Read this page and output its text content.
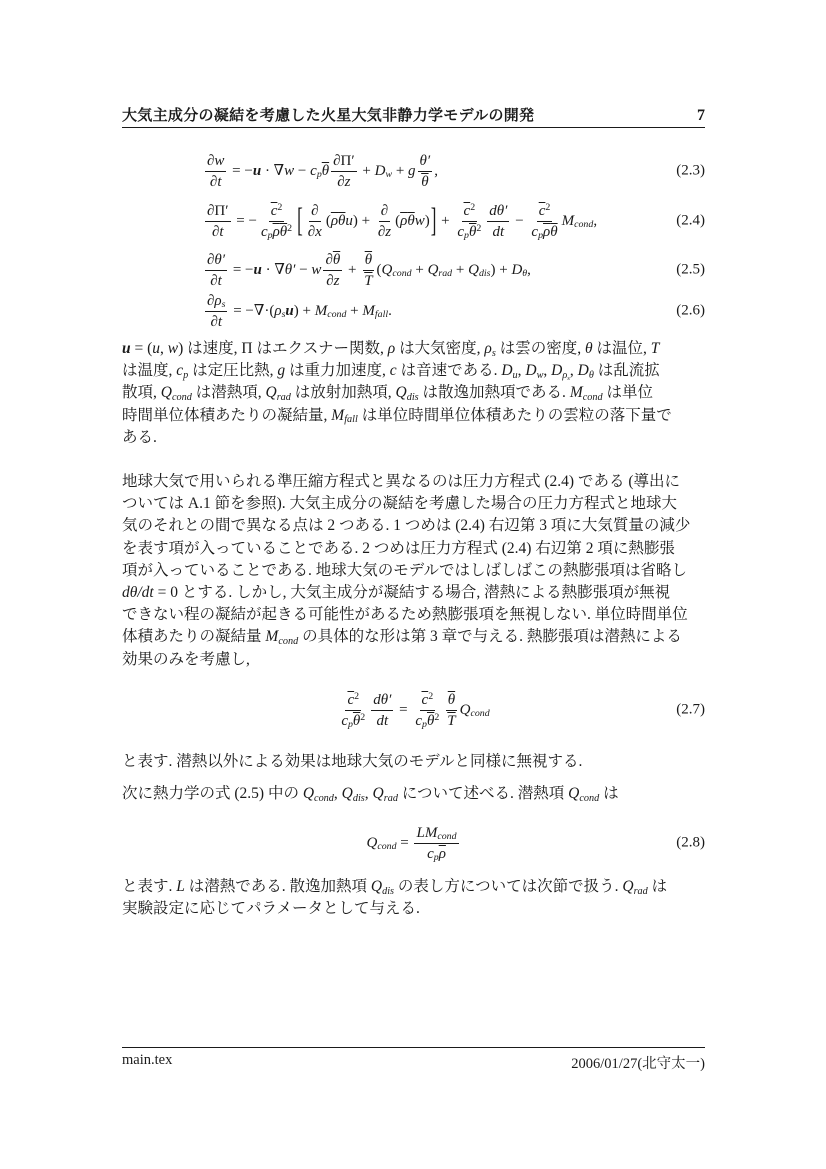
大気主成分の凝結を考慮した火星大気非静力学モデルの開発	7
$\frac{\partial w}{\partial t} = -u \cdot \nabla w - cp\overline{\theta} \frac{\partial\Pi'}{\partial z} + Dw + g \frac{\theta'}{\theta}$ ,	(2.3)
$\frac{\partial\Pi'}{\partial t}$ = − $\frac{\overline{c}^2}{cp\overline{\rho}\overline{\theta}^2}$ [ $\frac{\partial}{\partial x} (\overline{\rho}\overline{\theta}u) + \frac{\partial}{\partial z} (\overline{\rho}\overline{\theta}w)] + \frac{\overline{c}^2}{cp\overline{\theta}^2} \frac{d\theta'}{dt} - \frac{\overline{c}^2}{cp\overline{\rho}\overline{\theta}}$ Mcond,	(2.4)
$\frac{\partial\theta'}{\partial t} = -u \cdot \nabla\theta' - w \frac{\partial\overline{\theta}}{\partial z} + \frac{\overline{\theta}}{T}$ (Qcond + Qrad + Qdis) + Dθ,	(2.5)
$\frac{\partial\rho s}{\partial t} = -\nabla\cdot(\rho su)$ + Mcond + Mfall.	(2.6)
u = (u, w) は速度, Π はエクスナー関数, ρ は大気密度, ρs は雲の密度, θ は温位, T
は温度, cp は定圧比熱, g は重力加速度, c は音速である. Du, Dw, Dρs, Dθ は乱流拡
散項, Qcond は潜熱項, Qrad は放射加熱項, Qdis は散逸加熱項である. Mcond は単位
時間単位体積あたりの凝結量, Mfall は単位時間単位体積あたりの雲粒の落下量で
ある.
地球大気で用いられる準圧縮方程式と異なるのは圧力方程式 (2.4) である (導出に
ついては A.1 節を参照). 大気主成分の凝結を考慮した場合の圧力方程式と地球大
気のそれとの間で異なる点は 2 つある. 1 つめは (2.4) 右辺第 3 項に大気質量の減少
を表す項が入っていることである. 2 つめは圧力方程式 (2.4) 右辺第 2 項に熱膨張
項が入っていることである. 地球大気のモデルではしばしばこの熱膨張項は省略し
dθ/dt = 0 とする. しかし, 大気主成分が凝結する場合, 潜熱による熱膨張項が無視
できない程の凝結が起きる可能性があるため熱膨張項を無視しない. 単位時間単位
体積あたりの凝結量 Mcond の具体的な形は第 3 章で与える. 熱膨張項は潜熱による
効果のみを考慮し,
$\frac{\overline{c}^2}{cp\overline{\theta}^2} \frac{d\theta'}{dt} = \frac{\overline{c}^2}{cp\overline{\theta}^2} \frac{\overline{\theta}}{T}$ Qcond	(2.7)
と表す. 潜熱以外による効果は地球大気のモデルと同様に無視する.
次に熱力学の式 (2.5) 中の Qcond, Qdis, Qrad について述べる. 潜熱項 Qcond は
Qcond = $\frac{\text{LMcond}}{cp\overline{\rho}}$	(2.8)
と表す. L は潜熱である. 散逸加熱項 Qdis の表し方については次節で扱う. Qrad は
実験設定に応じてパラメータとして与える.
main.tex	2006/01/27(北守太一)
